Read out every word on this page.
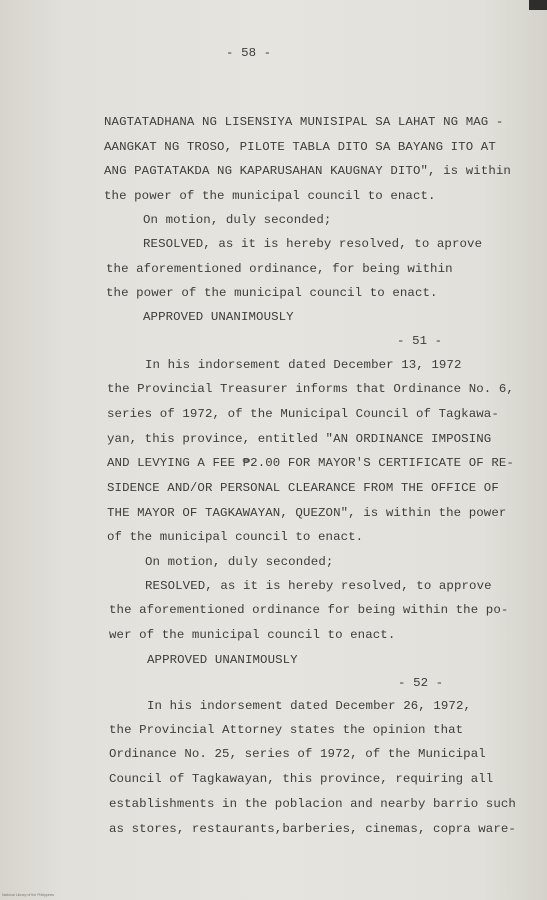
- 58 -
NAGTATADHANA NG LISENSIYA MUNISIPAL SA LAHAT NG MAG -
AANGKAT NG TROSO, PILOTE TABLA DITO SA BAYANG ITO AT
ANG PAGTATAKDA NG KAPARUSAHAN KAUGNAY DITO", is within
the power of the municipal council to enact.
On motion, duly seconded;
RESOLVED, as it is hereby resolved, to aprove
the aforementioned ordinance, for being within
the power of the municipal council to enact.
APPROVED UNANIMOUSLY
- 51 -
In his indorsement dated December 13, 1972
the Provincial Treasurer informs that Ordinance No. 6,
series of 1972, of the Municipal Council of Tagkawa-
yan, this province, entitled "AN ORDINANCE IMPOSING
AND LEVYING A FEE ₱2.00 FOR MAYOR'S CERTIFICATE OF RE-
SIDENCE AND/OR PERSONAL CLEARANCE FROM THE OFFICE OF
THE MAYOR OF TAGKAWAYAN, QUEZON", is within the power
of the municipal council to enact.
On motion, duly seconded;
RESOLVED, as it is hereby resolved, to approve
the aforementioned ordinance for being within the po-
wer of the municipal council to enact.
APPROVED UNANIMOUSLY
- 52 -
In his indorsement dated December 26, 1972,
the Provincial Attorney states the opinion that
Ordinance No. 25, series of 1972, of the Municipal
Council of Tagkawayan, this province, requiring all
establishments in the poblacion and nearby barrio such
as stores, restaurants,barberies, cinemas, copra ware-
National Library of the Philippines
